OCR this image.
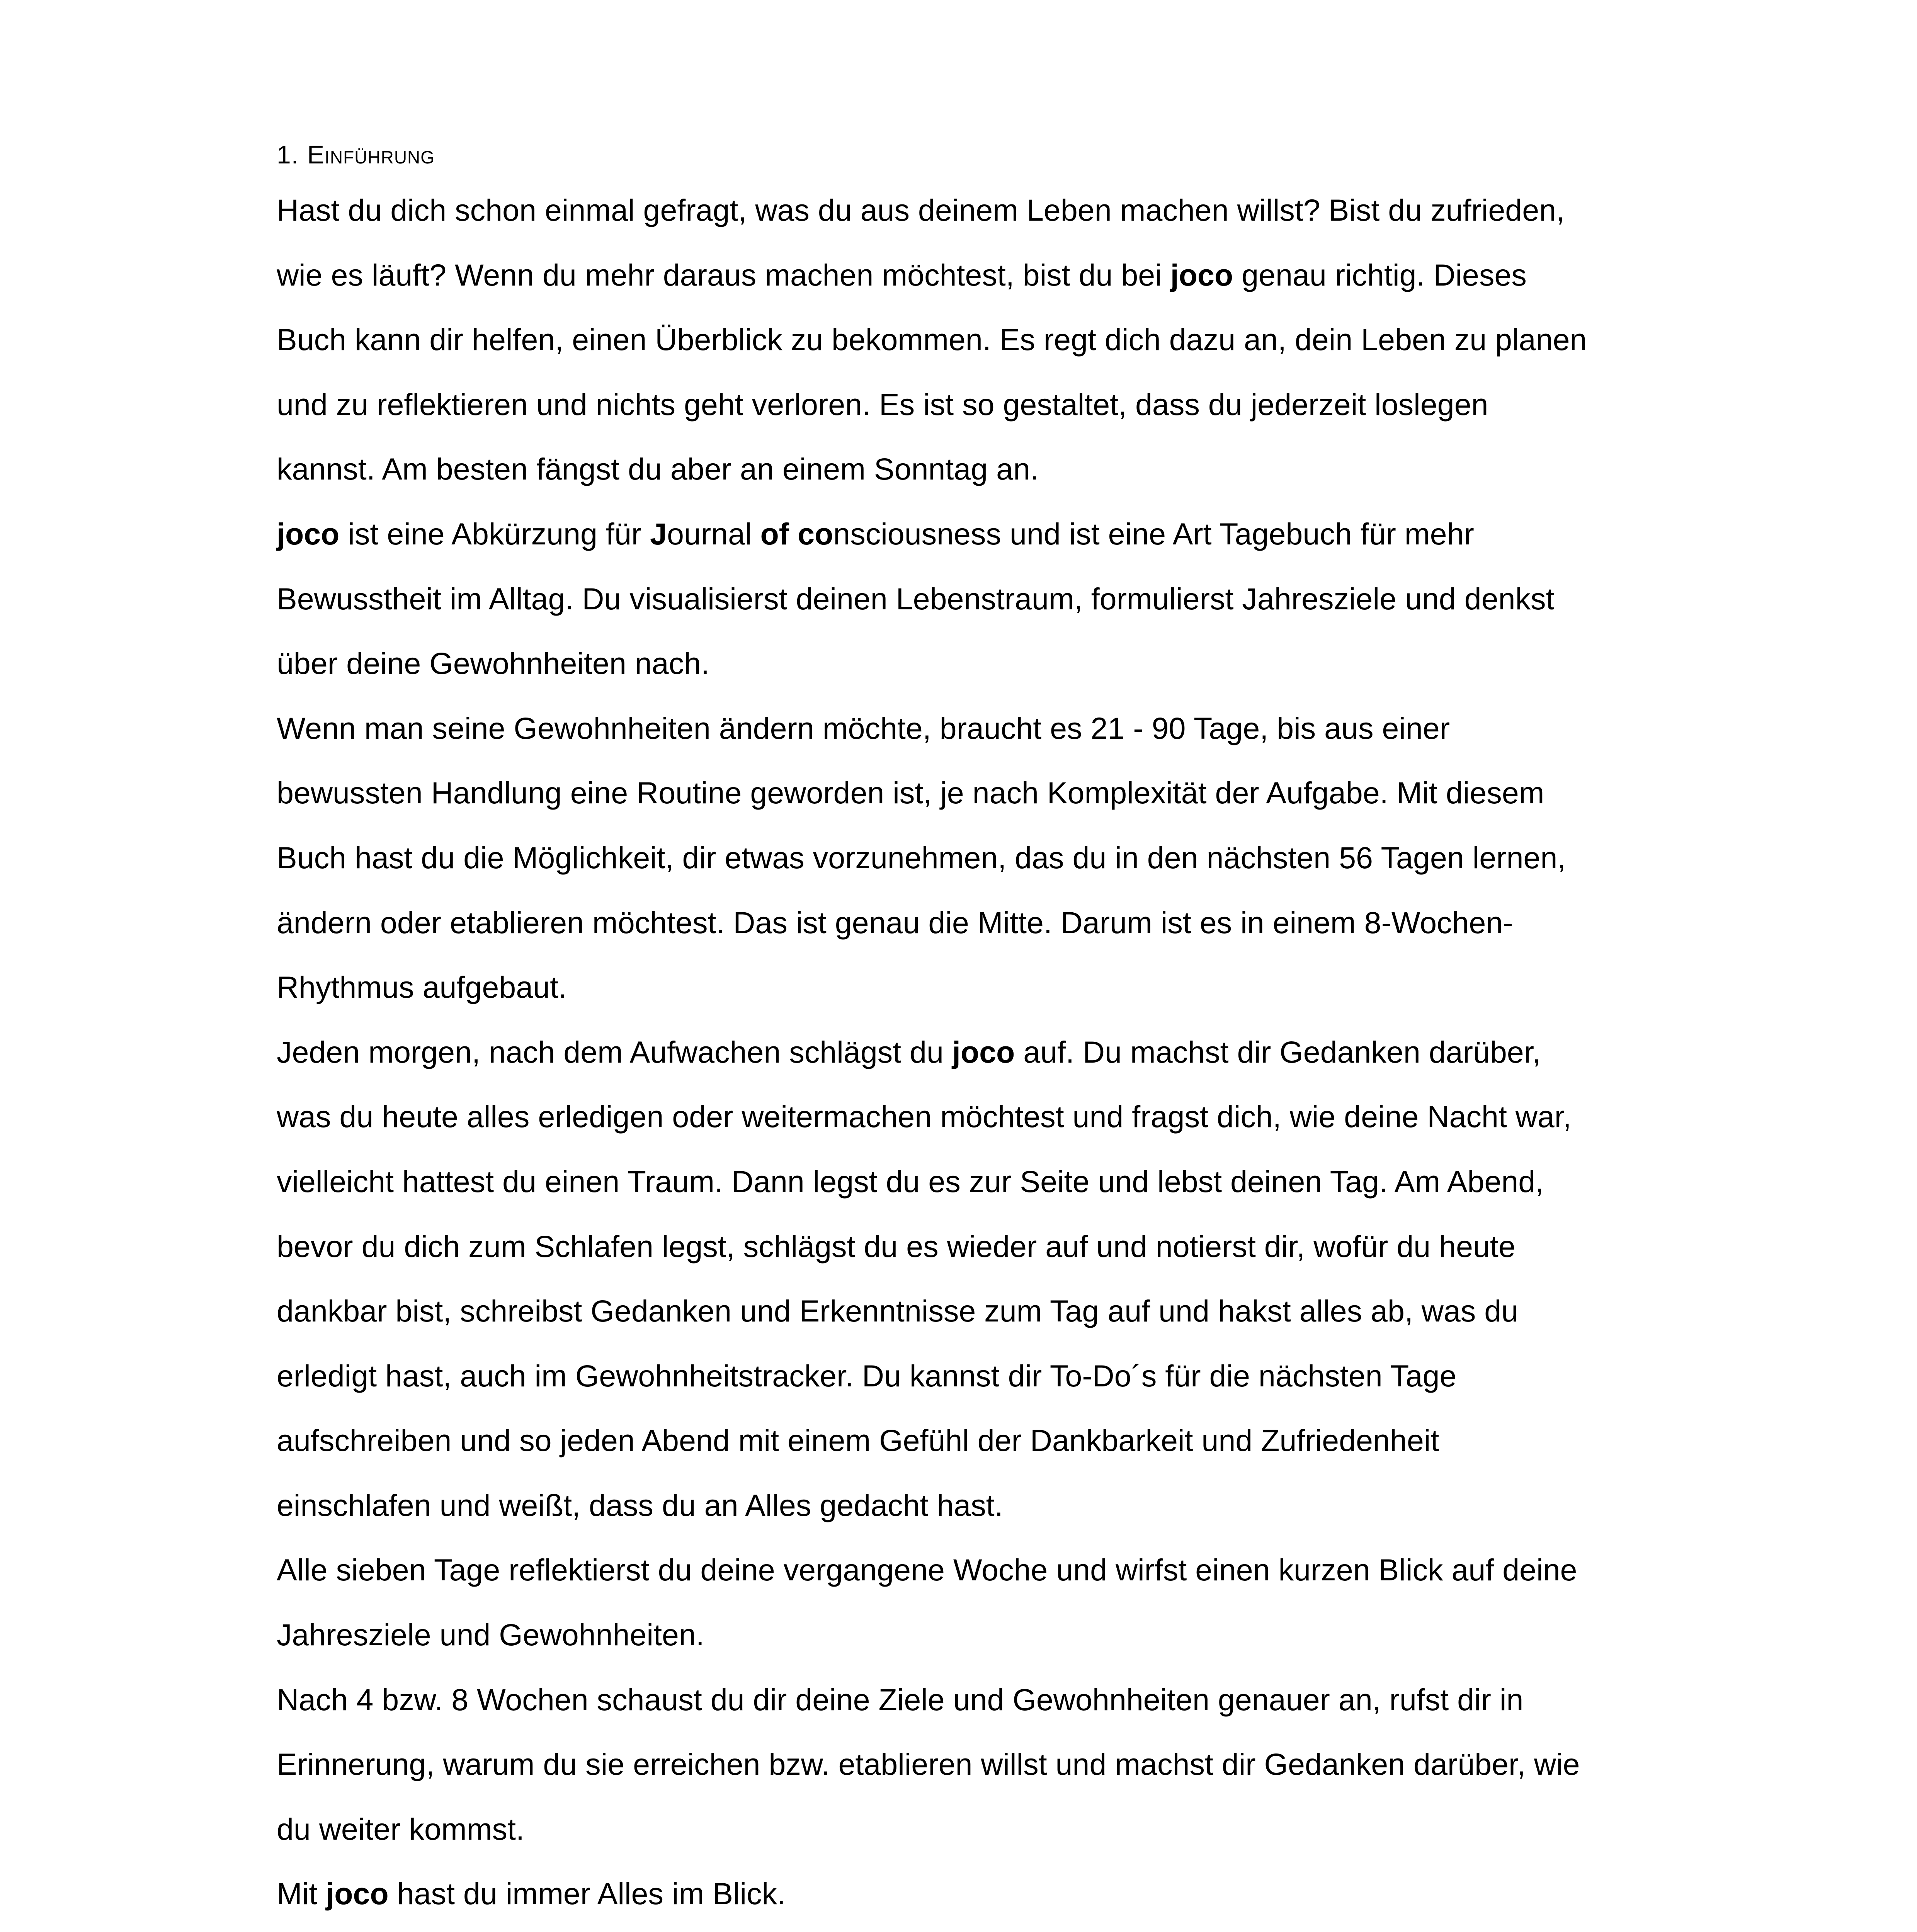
1. Einführung

Hast du dich schon einmal gefragt, was du aus deinem Leben machen willst? Bist du zufrieden,
wie es läuft? Wenn du mehr daraus machen möchtest, bist du bei joco genau richtig. Dieses
Buch kann dir helfen, einen Überblick zu bekommen. Es regt dich dazu an, dein Leben zu planen
und zu reflektieren und nichts geht verloren. Es ist so gestaltet, dass du jederzeit loslegen
kannst. Am besten fängst du aber an einem Sonntag an.

joco ist eine Abkürzung für Journal of consciousness und ist eine Art Tagebuch für mehr
Bewusstheit im Alltag. Du visualisierst deinen Lebenstraum, formulierst Jahresziele und denkst
über deine Gewohnheiten nach.

Wenn man seine Gewohnheiten ändern möchte, braucht es 21 - 90 Tage, bis aus einer
bewussten Handlung eine Routine geworden ist, je nach Komplexität der Aufgabe. Mit diesem
Buch hast du die Möglichkeit, dir etwas vorzunehmen, das du in den nächsten 56 Tagen lernen,
ändern oder etablieren möchtest. Das ist genau die Mitte. Darum ist es in einem 8-Wochen-
Rhythmus aufgebaut.

Jeden morgen, nach dem Aufwachen schlägst du joco auf. Du machst dir Gedanken darüber,
was du heute alles erledigen oder weitermachen möchtest und fragst dich, wie deine Nacht war,
vielleicht hattest du einen Traum. Dann legst du es zur Seite und lebst deinen Tag. Am Abend,
bevor du dich zum Schlafen legst, schlägst du es wieder auf und notierst dir, wofür du heute
dankbar bist, schreibst Gedanken und Erkenntnisse zum Tag auf und hakst alles ab, was du
erledigt hast, auch im Gewohnheitstracker. Du kannst dir To-Do´s für die nächsten Tage
aufschreiben und so jeden Abend mit einem Gefühl der Dankbarkeit und Zufriedenheit
einschlafen und weißt, dass du an Alles gedacht hast.

Alle sieben Tage reflektierst du deine vergangene Woche und wirfst einen kurzen Blick auf deine
Jahresziele und Gewohnheiten.

Nach 4 bzw. 8 Wochen schaust du dir deine Ziele und Gewohnheiten genauer an, rufst dir in
Erinnerung, warum du sie erreichen bzw. etablieren willst und machst dir Gedanken darüber, wie
du weiter kommst.

Mit joco hast du immer Alles im Blick.
